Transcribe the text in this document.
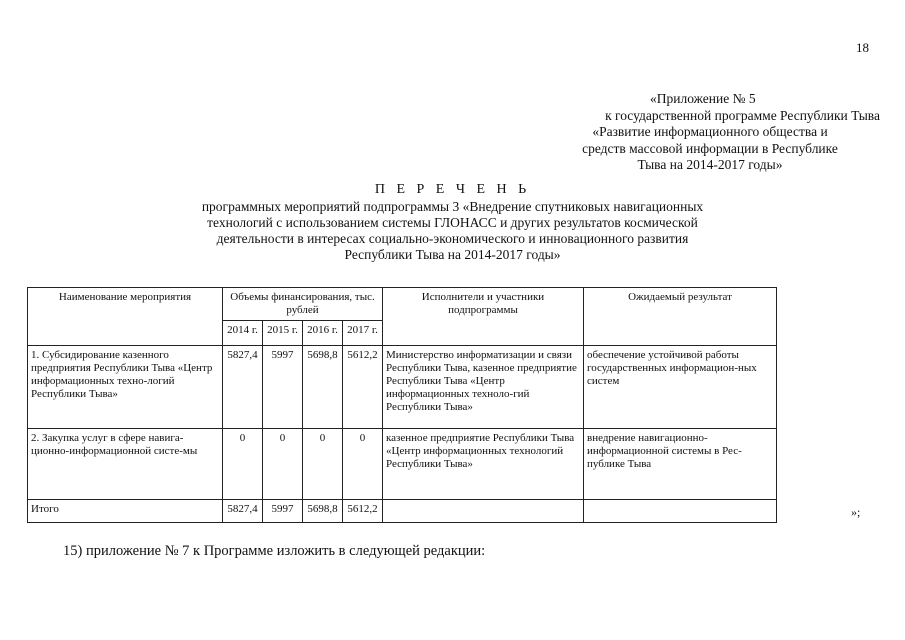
18
«Приложение № 5
к государственной программе Республики Тыва
«Развитие информационного общества и
средств массовой информации в Республике
Тыва на 2014-2017 годы»
П Е Р Е Ч Е Н Ь
программных мероприятий подпрограммы 3 «Внедрение спутниковых навигационных
технологий с использованием системы ГЛОНАСС и других результатов космической
деятельности в интересах социально-экономического и инновационного развития
Республики Тыва на 2014-2017 годы»
Наименование мероприятия	Объемы финансирования, тыс. рублей				Исполнители и участники подпрограммы	Ожидаемый результат
	2014 г.	2015 г.	2016 г.	2017 г.		
1. Субсидирование казенного предприятия Республики Тыва «Центр информационных техно-логий Республики Тыва»	5827,4	5997	5698,8	5612,2	Министерство информатизации и связи Республики Тыва, казенное предприятие Республики Тыва «Центр информационных техноло-гий Республики Тыва»	обеспечение устойчивой работы государственных информацион-ных систем
2. Закупка услуг в сфере навига-ционно-информационной систе-мы	0	0	0	0	казенное предприятие Республики Тыва «Центр информационных технологий Республики Тыва»	внедрение навигационно-информационной системы в Рес-публике Тыва
Итого	5827,4	5997	5698,8	5612,2			»;
15) приложение № 7 к Программе изложить в следующей редакции:
